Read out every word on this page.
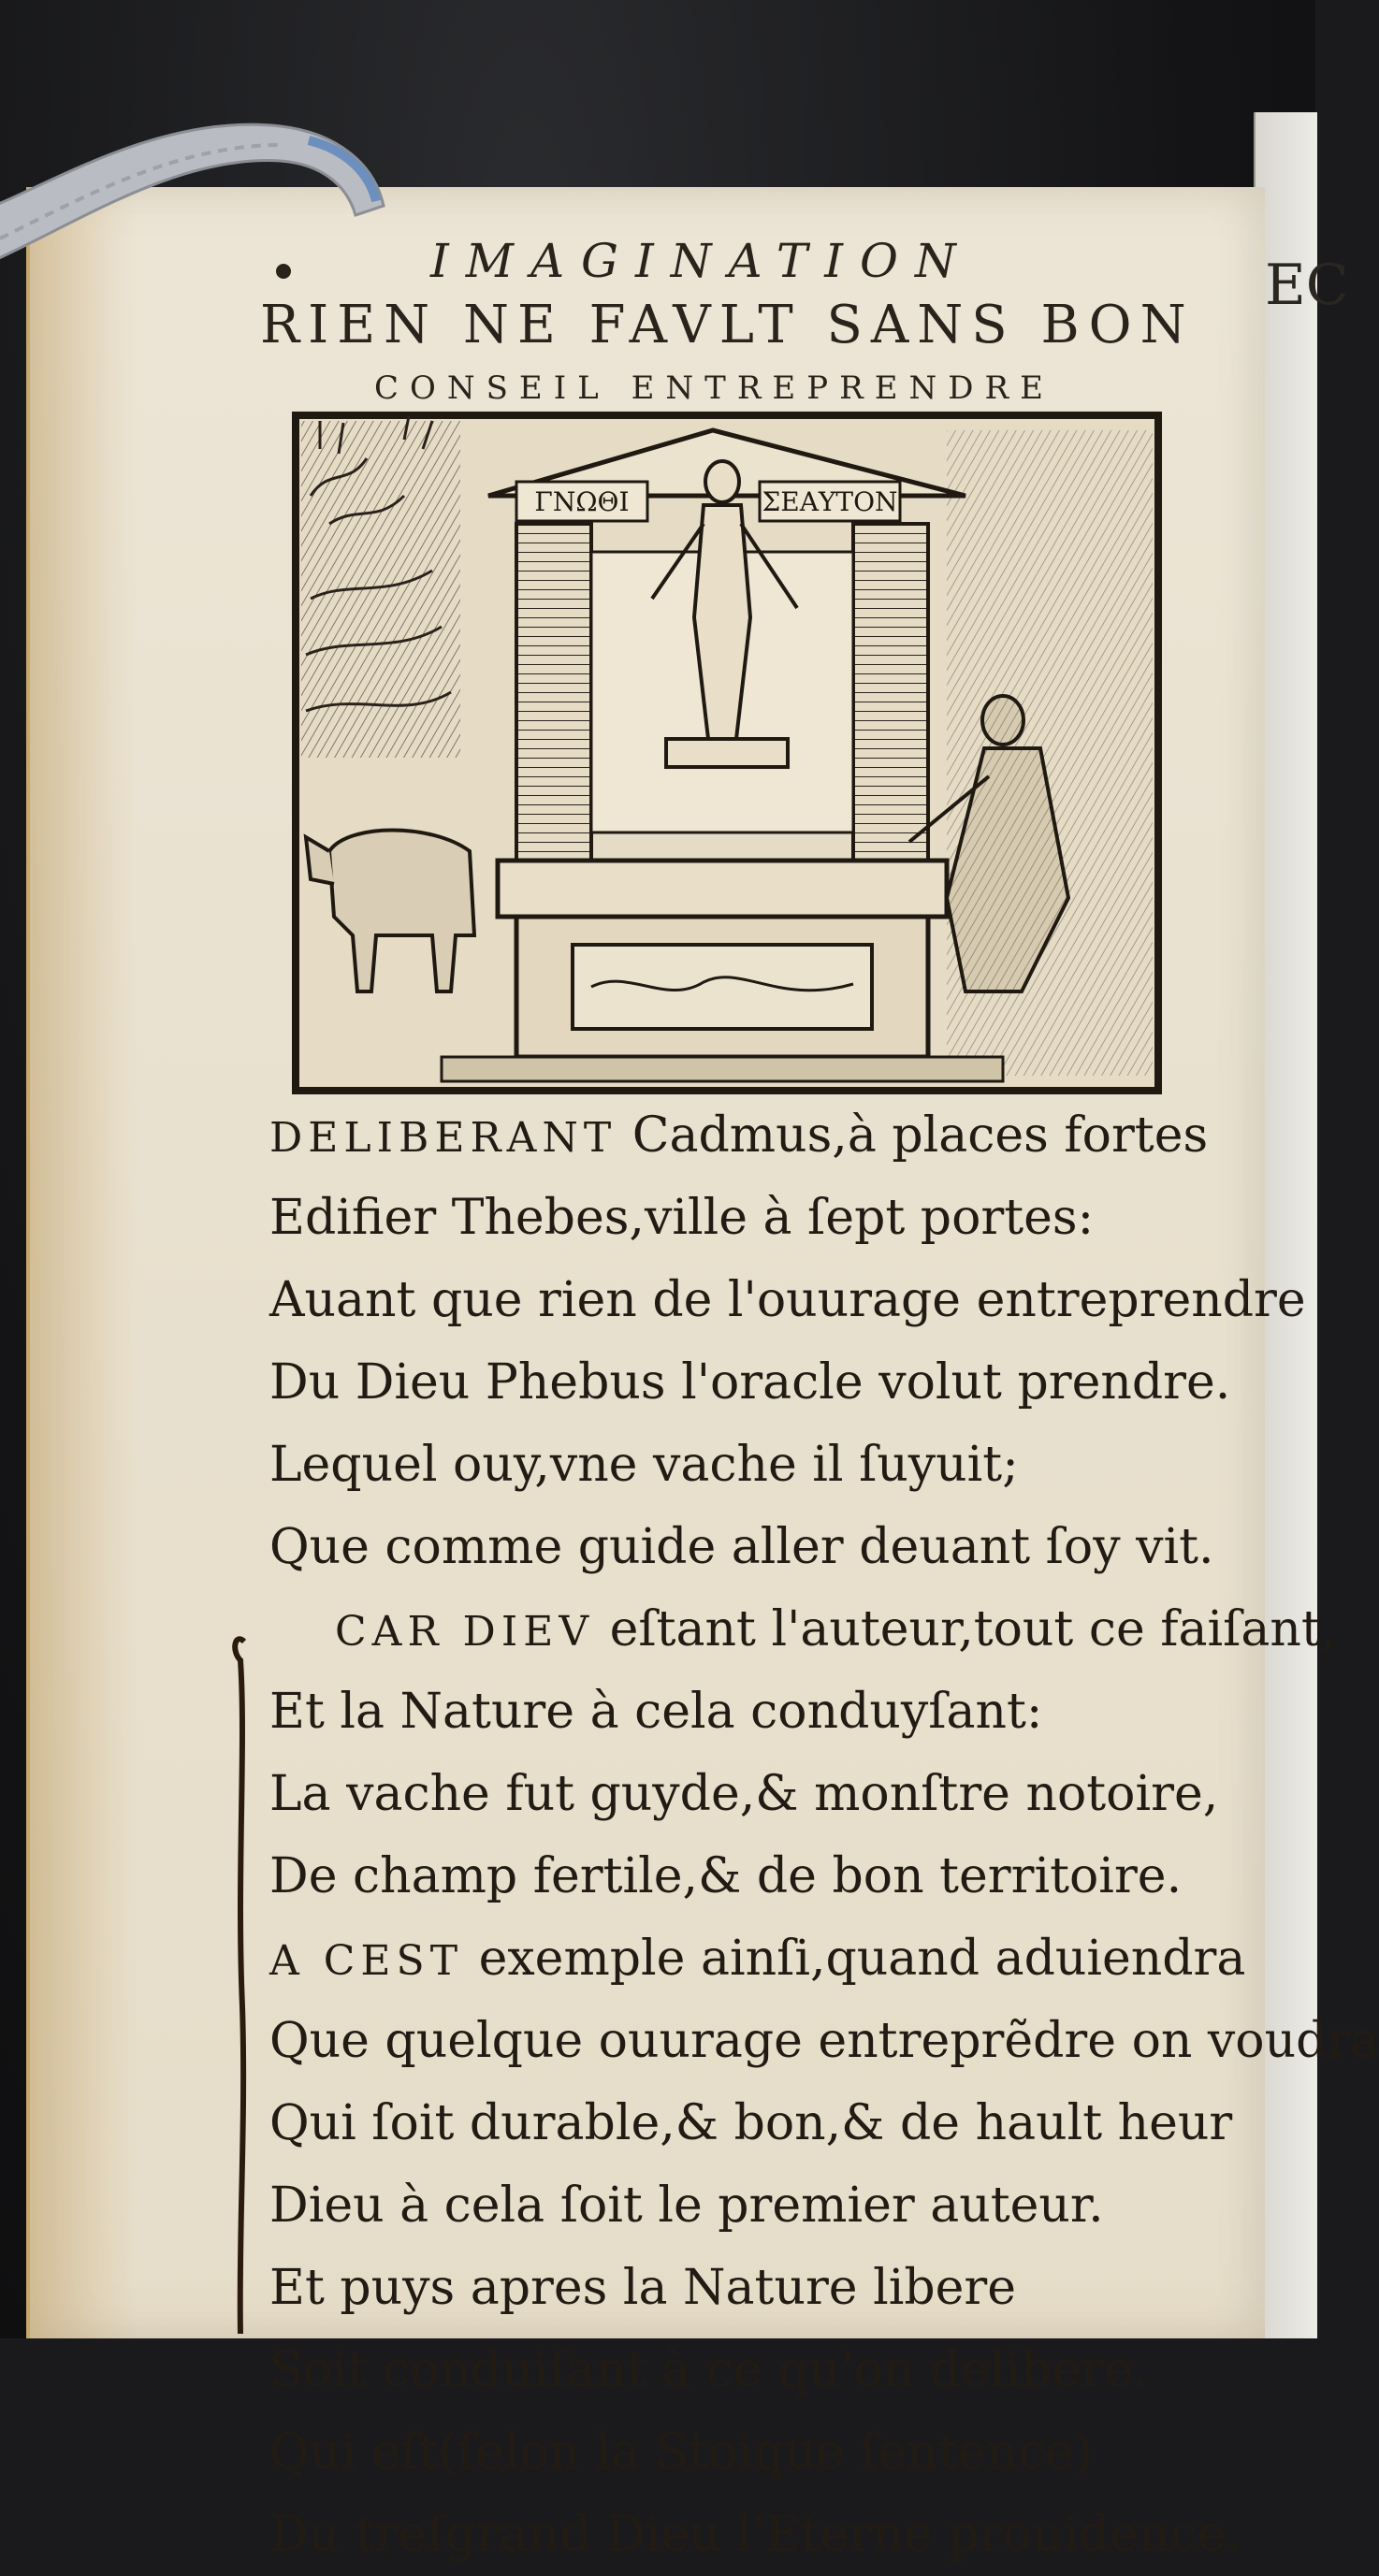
EC
IMAGINATION
RIEN NE FAVLT SANS BON
CONSEIL ENTREPRENDRE
ΓΝΩΘΙ	ΣΕΑΥΤΟΝ
DELIBERANT Cadmus,à places fortes
Edifier Thebes,ville à ſept portes:
Auant que rien de l'ouurage entreprendre
Du Dieu Phebus l'oracle volut prendre.
Lequel ouy,vne vache il ſuyuit;
Que comme guide aller deuant ſoy vit.
CAR DIEV eſtant l'auteur,tout ce faiſant,
Et la Nature à cela conduyſant:
La vache fut guyde,& monſtre notoire,
De champ fertile,& de bon territoire.
A CEST exemple ainſi,quand aduiendra
Que quelque ouurage entreprẽdre on voudra
Qui ſoit durable,& bon,& de hault heur
Dieu à cela ſoit le premier auteur.
Et puys apres la Nature libere
Soit conduiſant à ce qu'on delibere.
Qui eſt(ſelon la Stoique ſentence)
Du treſgrand Dieu l'Eterne prouidence.
